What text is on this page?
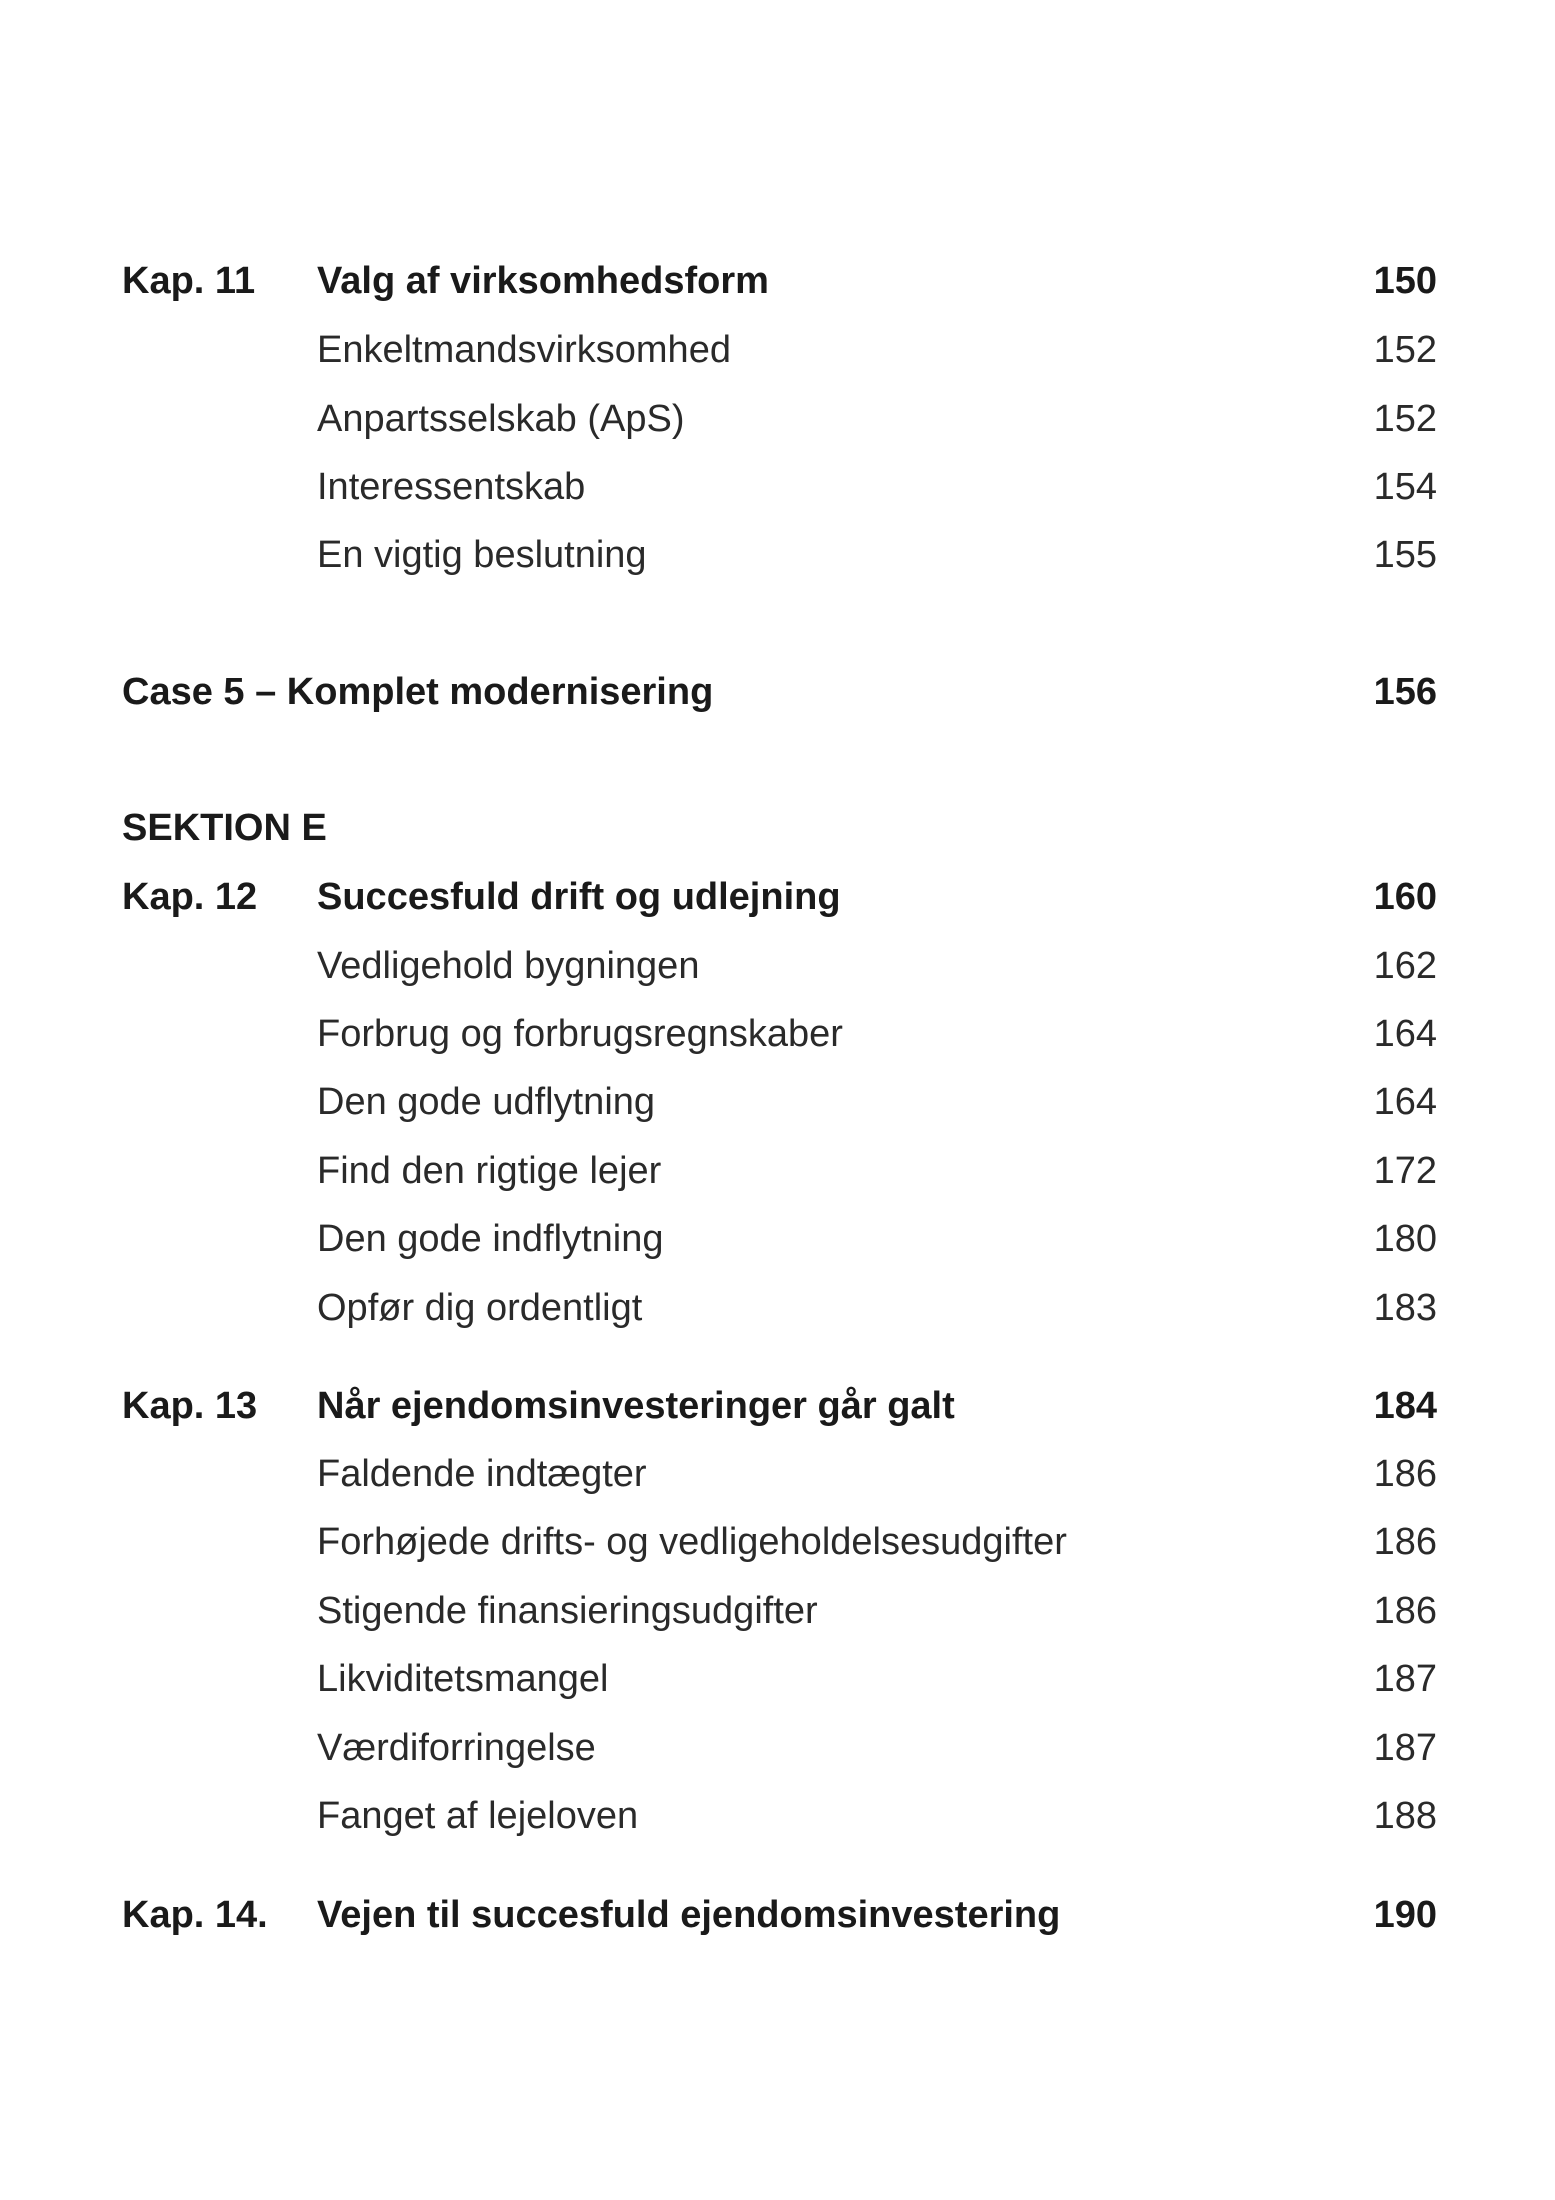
Kap. 11 Valg af virksomhedsform	150
Enkeltmandsvirksomhed	152
Anpartsselskab (ApS)	152
Interessentskab	154
En vigtig beslutning	155
Case 5 – Komplet modernisering	156
SEKTION E
Kap. 12 Succesfuld drift og udlejning	160
Vedligehold bygningen	162
Forbrug og forbrugsregnskaber	164
Den gode udflytning	164
Find den rigtige lejer	172
Den gode indflytning	180
Opfør dig ordentligt	183
Kap. 13 Når ejendomsinvesteringer går galt	184
Faldende indtægter	186
Forhøjede drifts- og vedligeholdelsesudgifter	186
Stigende finansieringsudgifter	186
Likviditetsmangel	187
Værdiforringelse	187
Fanget af lejeloven	188
Kap. 14. Vejen til succesfuld ejendomsinvestering	190
